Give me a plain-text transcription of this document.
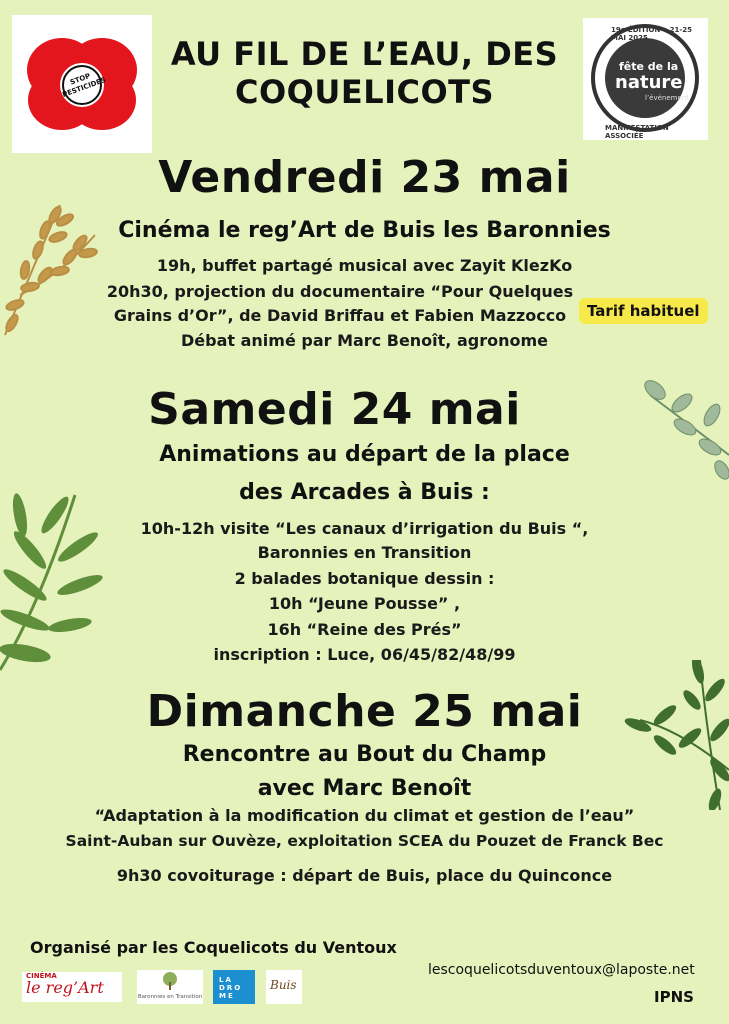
STOP PESTICIDES
19e ÉDITION • 21-25 MAI 2025
fête de la
nature
l’événement
MANIFESTATION ASSOCIÉE
AU FIL DE L’EAU, DES
COQUELICOTS
Vendredi 23 mai
Cinéma le reg’Art de Buis les Baronnies
19h, buffet partagé musical avec Zayit KlezKo
20h30, projection du documentaire “Pour Quelques
Grains d’Or”, de David Briffau et Fabien Mazzocco	Tarif habituel
Débat animé par Marc Benoît, agronome
Samedi 24 mai
Animations au départ de la place
des Arcades à Buis :
10h-12h visite “Les canaux d’irrigation du Buis “,
Baronnies en Transition
2 balades botanique dessin :
10h “Jeune Pousse” ,
16h “Reine des Prés”
inscription : Luce, 06/45/82/48/99
Dimanche 25 mai
Rencontre au Bout du Champ
avec Marc Benoît
“Adaptation à la modification du climat et gestion de l’eau”
Saint-Auban sur Ouvèze, exploitation SCEA du Pouzet de Franck Bec
9h30 covoiturage : départ de Buis, place du Quinconce
Organisé par les Coquelicots du Ventoux
CINÉMA
le reg’Art	Baronnies en Transition
LA DRO ME
Buis
lescoquelicotsduventoux@laposte.net
IPNS
